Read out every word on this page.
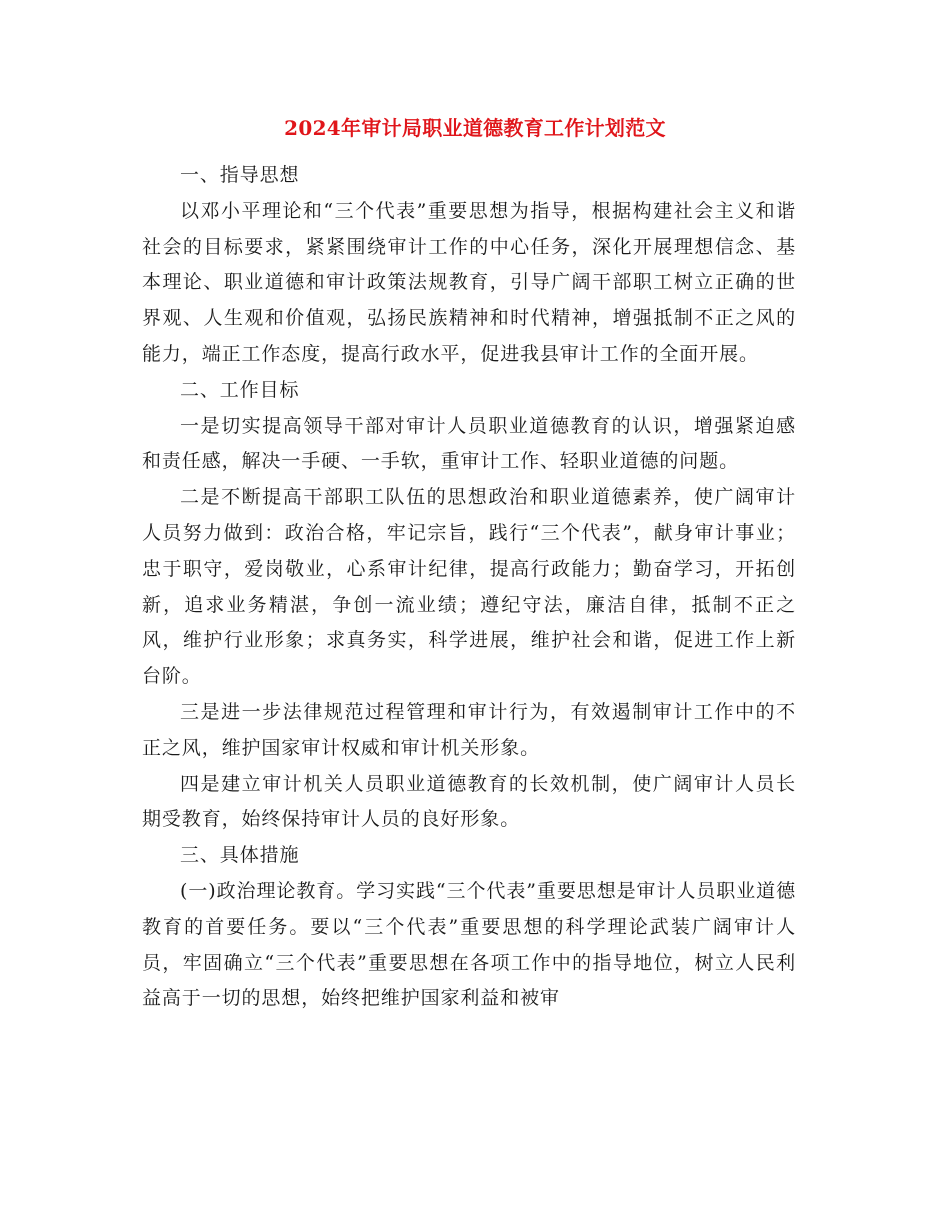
2024年审计局职业道德教育工作计划范文

一、指导思想

以邓小平理论和“三个代表”重要思想为指导，根据构建社会主义和谐社会的目标要求，紧紧围绕审计工作的中心任务，深化开展理想信念、基本理论、职业道德和审计政策法规教育，引导广阔干部职工树立正确的世界观、人生观和价值观，弘扬民族精神和时代精神，增强抵制不正之风的能力，端正工作态度，提高行政水平，促进我县审计工作的全面开展。

二、工作目标

一是切实提高领导干部对审计人员职业道德教育的认识，增强紧迫感和责任感，解决一手硬、一手软，重审计工作、轻职业道德的问题。

二是不断提高干部职工队伍的思想政治和职业道德素养，使广阔审计人员努力做到：政治合格，牢记宗旨，践行“三个代表”，献身审计事业；忠于职守，爱岗敬业，心系审计纪律，提高行政能力；勤奋学习，开拓创新，追求业务精湛，争创一流业绩；遵纪守法，廉洁自律，抵制不正之风，维护行业形象；求真务实，科学进展，维护社会和谐，促进工作上新台阶。

三是进一步法律规范过程管理和审计行为，有效遏制审计工作中的不正之风，维护国家审计权威和审计机关形象。

四是建立审计机关人员职业道德教育的长效机制，使广阔审计人员长期受教育，始终保持审计人员的良好形象。

三、具体措施

(一)政治理论教育。学习实践“三个代表”重要思想是审计人员职业道德教育的首要任务。要以“三个代表”重要思想的科学理论武装广阔审计人员，牢固确立“三个代表”重要思想在各项工作中的指导地位，树立人民利益高于一切的思想，始终把维护国家利益和被审
